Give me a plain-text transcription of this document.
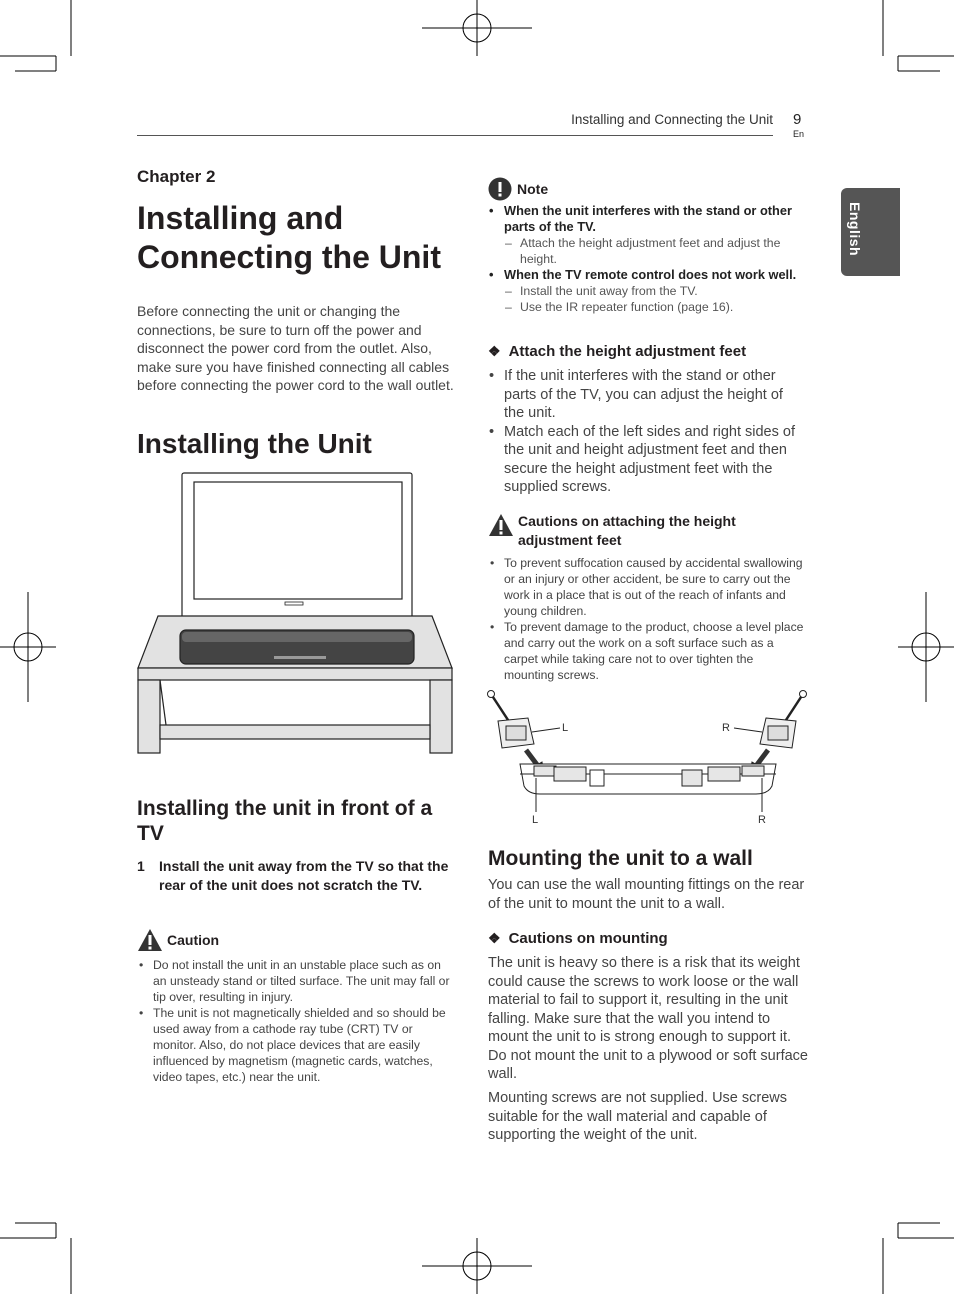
Installing and Connecting the Unit 9
En
English
Chapter 2
Installing and Connecting the Unit
Before connecting the unit or changing the connections, be sure to turn off the power and disconnect the power cord from the outlet. Also, make sure you have finished connecting all cables before connecting the power cord to the wall outlet.
Installing the Unit
Installing the unit in front of a TV
1 Install the unit away from the TV so that the rear of the unit does not scratch the TV.
Caution
• Do not install the unit in an unstable place such as on an unsteady stand or tilted surface. The unit may fall or tip over, resulting in injury.
• The unit is not magnetically shielded and so should be used away from a cathode ray tube (CRT) TV or monitor. Also, do not place devices that are easily influenced by magnetism (magnetic cards, watches, video tapes, etc.) near the unit.
Note
• When the unit interferes with the stand or other parts of the TV.
– Attach the height adjustment feet and adjust the height.
• When the TV remote control does not work well.
– Install the unit away from the TV.
– Use the IR repeater function (page 16).
❖ Attach the height adjustment feet
• If the unit interferes with the stand or other parts of the TV, you can adjust the height of the unit.
• Match each of the left sides and right sides of the unit and height adjustment feet and then secure the height adjustment feet with the supplied screws.
Cautions on attaching the height adjustment feet
• To prevent suffocation caused by accidental swallowing or an injury or other accident, be sure to carry out the work in a place that is out of the reach of infants and young children.
• To prevent damage to the product, choose a level place and carry out the work on a soft surface such as a carpet while taking care not to over tighten the mounting screws.
L	R
L	R
Mounting the unit to a wall
You can use the wall mounting fittings on the rear of the unit to mount the unit to a wall.
❖ Cautions on mounting
The unit is heavy so there is a risk that its weight could cause the screws to work loose or the wall material to fail to support it, resulting in the unit falling. Make sure that the wall you intend to mount the unit to is strong enough to support it. Do not mount the unit to a plywood or soft surface wall.
Mounting screws are not supplied. Use screws suitable for the wall material and capable of supporting the weight of the unit.
